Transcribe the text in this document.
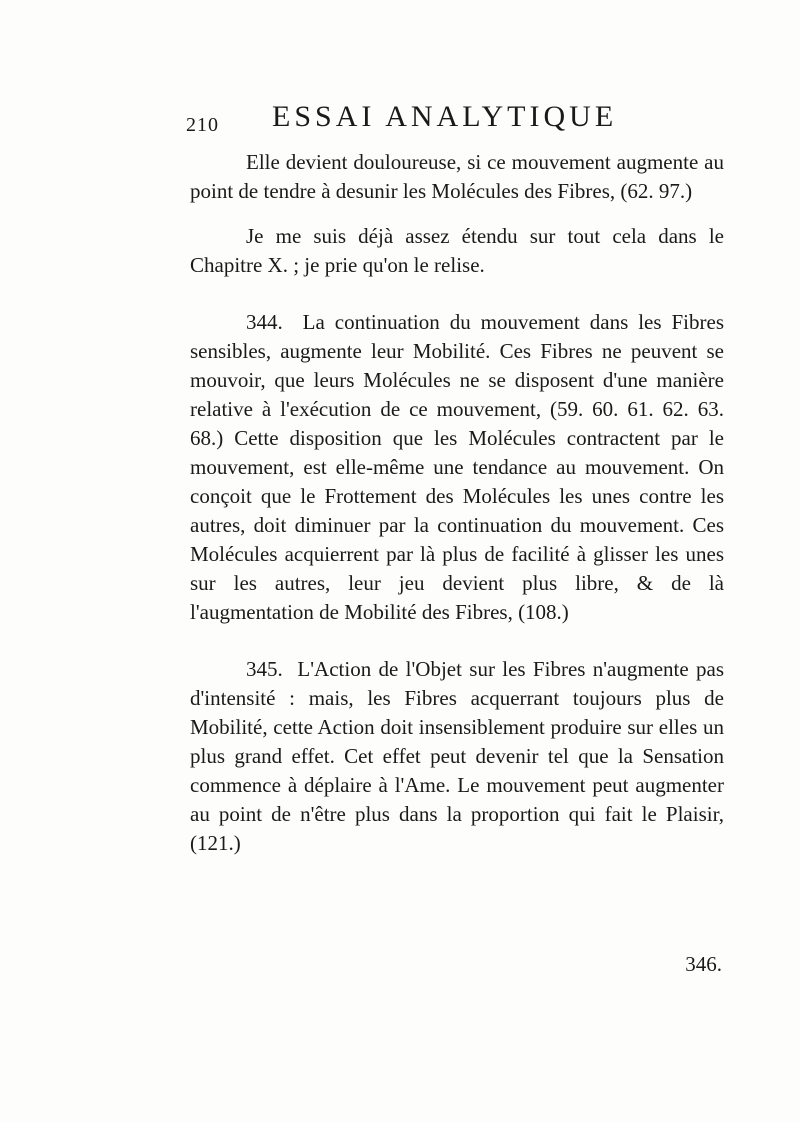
210 ESSAI ANALYTIQUE

Elle devient douloureuse, si ce mouvement augmente au point de tendre à desunir les Molécules des Fibres, (62. 97.)

Je me suis déjà assez étendu sur tout cela dans le Chapitre X. ; je prie qu'on le relise.

344. La continuation du mouvement dans les Fibres sensibles, augmente leur Mobilité. Ces Fibres ne peuvent se mouvoir, que leurs Molécules ne se disposent d'une manière relative à l'exécution de ce mouvement, (59. 60. 61. 62. 63. 68.) Cette disposition que les Molécules contractent par le mouvement, est elle-même une tendance au mouvement. On conçoit que le Frottement des Molécules les unes contre les autres, doit diminuer par la continuation du mouvement. Ces Molécules acquierrent par là plus de facilité à glisser les unes sur les autres, leur jeu devient plus libre, & de là l'augmentation de Mobilité des Fibres, (108.)

345. L'Action de l'Objet sur les Fibres n'augmente pas d'intensité : mais, les Fibres acquerrant toujours plus de Mobilité, cette Action doit insensiblement produire sur elles un plus grand effet. Cet effet peut devenir tel que la Sensation commence à déplaire à l'Ame. Le mouvement peut augmenter au point de n'être plus dans la proportion qui fait le Plaisir, (121.)

346.
